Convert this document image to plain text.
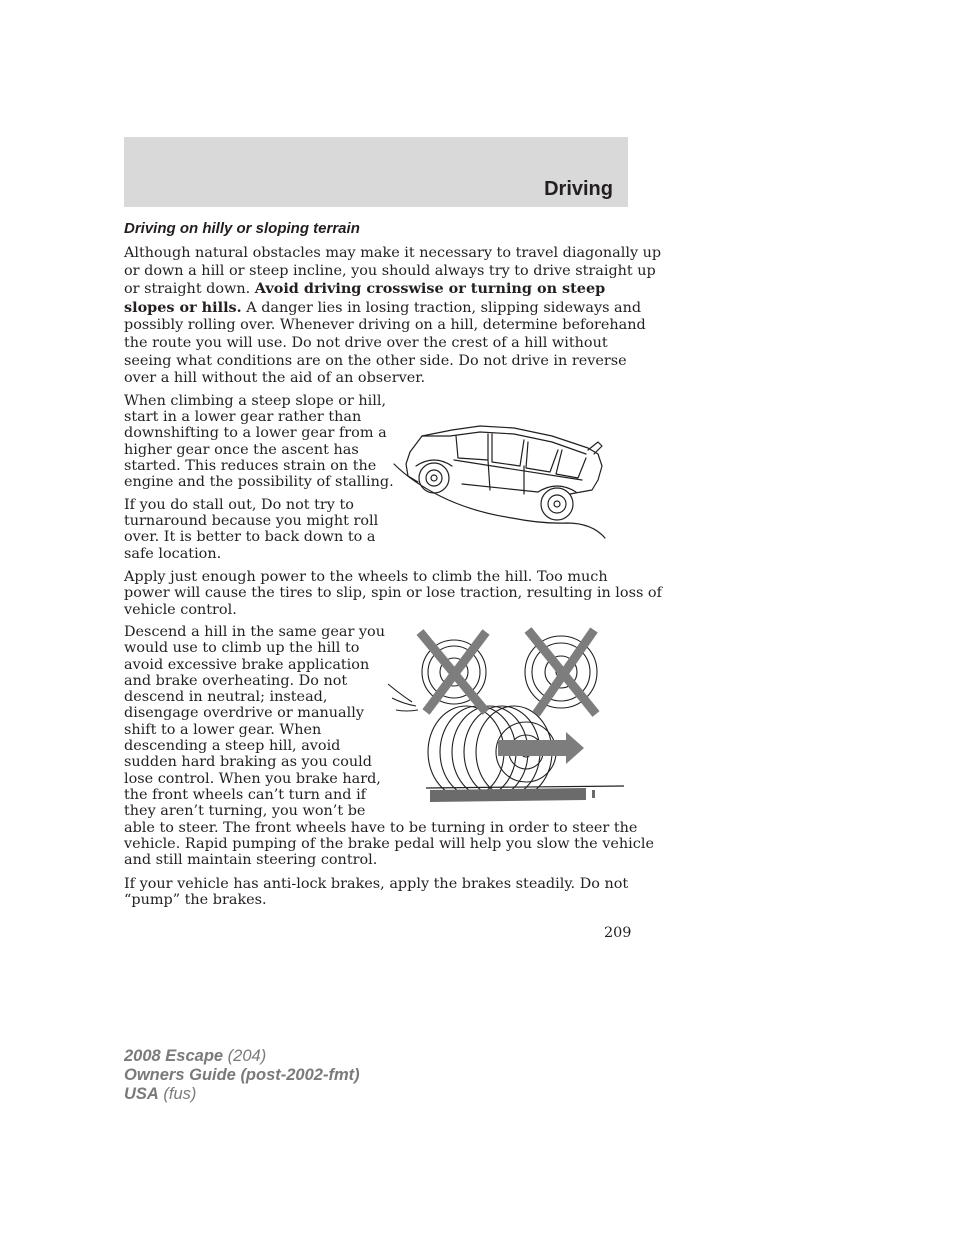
Driving
Driving on hilly or sloping terrain

Although natural obstacles may make it necessary to travel diagonally up
or down a hill or steep incline, you should always try to drive straight up
or straight down. Avoid driving crosswise or turning on steep
slopes or hills. A danger lies in losing traction, slipping sideways and
possibly rolling over. Whenever driving on a hill, determine beforehand
the route you will use. Do not drive over the crest of a hill without
seeing what conditions are on the other side. Do not drive in reverse
over a hill without the aid of an observer.

When climbing a steep slope or hill,
start in a lower gear rather than
downshifting to a lower gear from a
higher gear once the ascent has
started. This reduces strain on the
engine and the possibility of stalling.

If you do stall out, Do not try to
turnaround because you might roll
over. It is better to back down to a
safe location.

Apply just enough power to the wheels to climb the hill. Too much
power will cause the tires to slip, spin or lose traction, resulting in loss of
vehicle control.

Descend a hill in the same gear you
would use to climb up the hill to
avoid excessive brake application
and brake overheating. Do not
descend in neutral; instead,
disengage overdrive or manually
shift to a lower gear. When
descending a steep hill, avoid
sudden hard braking as you could
lose control. When you brake hard,
the front wheels can’t turn and if
they aren’t turning, you won’t be
able to steer. The front wheels have to be turning in order to steer the
vehicle. Rapid pumping of the brake pedal will help you slow the vehicle
and still maintain steering control.

If your vehicle has anti-lock brakes, apply the brakes steadily. Do not
“pump” the brakes.

209
2008 Escape (204)
Owners Guide (post-2002-fmt)
USA (fus)
